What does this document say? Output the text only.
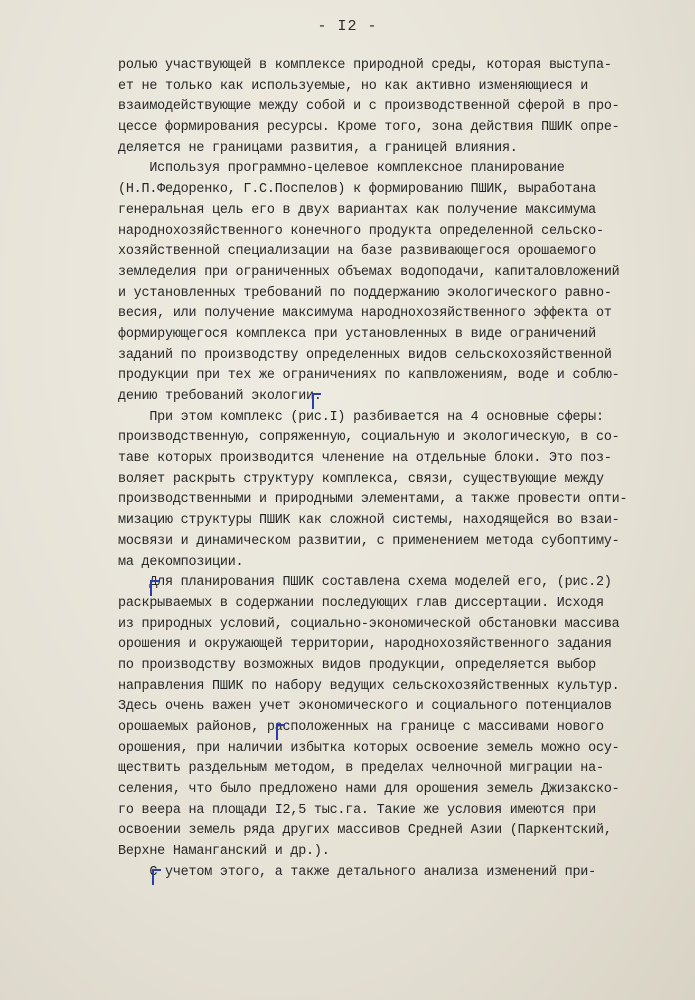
- I2 -
ролью участвующей в комплексе природной среды, которая выступа-
ет не только как используемые, но как активно изменяющиеся и
взаимодействующие между собой и с производственной сферой в про-
цессе формирования ресурсы. Кроме того, зона действия ПШИК опре-
деляется не границами развития, а границей влияния.
Используя программно-целевое комплексное планирование
(Н.П.Федоренко, Г.С.Поспелов) к формированию ПШИК, выработана
генеральная цель его в двух вариантах как получение максимума
народнохозяйственного конечного продукта определенной сельско-
хозяйственной специализации на базе развивающегося орошаемого
земледелия при ограниченных объемах водоподачи, капиталовложений
и установленных требований по поддержанию экологического равно-
весия, или получение максимума народнохозяйственного эффекта от
формирующегося комплекса при установленных в виде ограничений
заданий по производству определенных видов сельскохозяйственной
продукции при тех же ограничениях по капвложениям, воде и соблю-
дению требований экологии.
При этом комплекс (рис.I) разбивается на 4 основные сферы:
производственную, сопряженную, социальную и экологическую, в со-
таве которых производится членение на отдельные блоки. Это поз-
воляет раскрыть структуру комплекса, связи, существующие между
производственными и природными элементами, а также провести опти-
мизацию структуры ПШИК как сложной системы, находящейся во взаи-
мосвязи и динамическом развитии, с применением метода субоптиму-
ма декомпозиции.
Для планирования ПШИК составлена схема моделей его, (рис.2)
раскрываемых в содержании последующих глав диссертации. Исходя
из природных условий, социально-экономической обстановки массива
орошения и окружающей территории, народнохозяйственного задания
по производству возможных видов продукции, определяется выбор
направления ПШИК по набору ведущих сельскохозяйственных культур.
Здесь очень важен учет экономического и социального потенциалов
орошаемых районов, расположенных на границе с массивами нового
орошения, при наличии избытка которых освоение земель можно осу-
ществить раздельным методом, в пределах челночной миграции на-
селения, что было предложено нами для орошения земель Джизакско-
го веера на площади I2,5 тыс.га. Такие же условия имеются при
освоении земель ряда других массивов Средней Азии (Паркентский,
Верхне Наманганский и др.).
С учетом этого, а также детального анализа изменений при-
